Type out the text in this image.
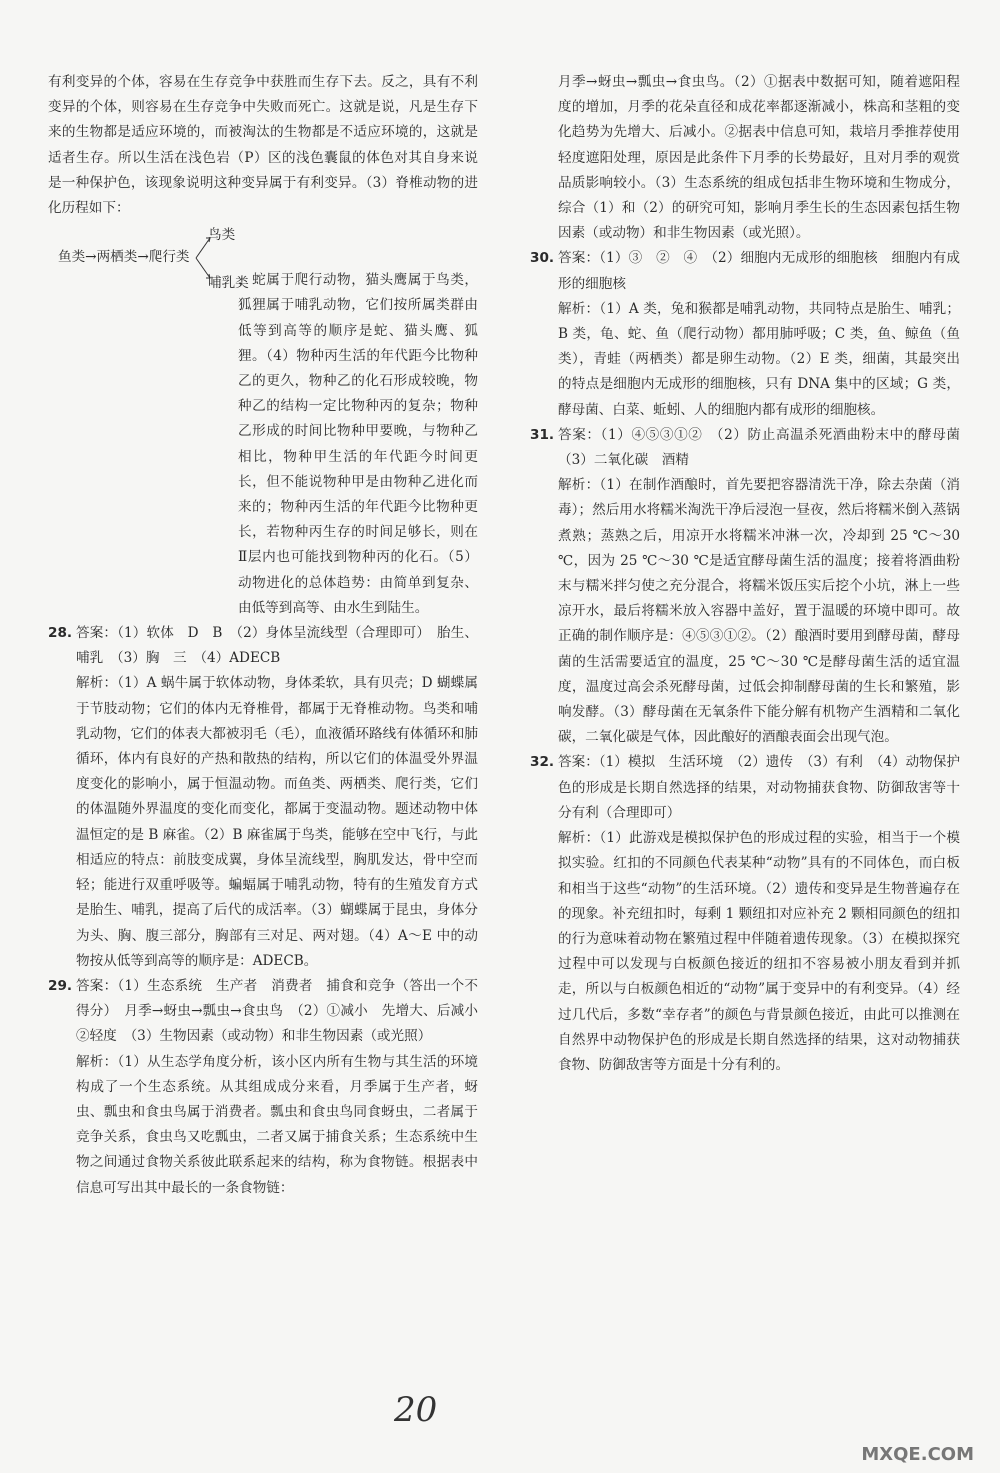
有利变异的个体，容易在生存竞争中获胜而生存下去。反之，具有不利变异的个体，则容易在生存竞争中失败而死亡。这就是说，凡是生存下来的生物都是适应环境的，而被淘汰的生物都是不适应环境的，这就是适者生存。所以生活在浅色岩（P）区的浅色囊鼠的体色对其自身来说是一种保护色，该现象说明这种变异属于有利变异。（3）脊椎动物的进化历程如下：

鱼类→两栖类→爬行类
鸟类
哺乳类

，蛇属于爬行动物，猫头鹰属于鸟类，狐狸属于哺乳动物，它们按所属类群由低等到高等的顺序是蛇、猫头鹰、狐狸。（4）物种丙生活的年代距今比物种乙的更久，物种乙的化石形成较晚，物种乙的结构一定比物种丙的复杂；物种乙形成的时间比物种甲要晚，与物种乙相比，物种甲生活的年代距今时间更长，但不能说物种甲是由物种乙进化而来的；物种丙生活的年代距今比物种更长，若物种丙生存的时间足够长，则在Ⅱ层内也可能找到物种丙的化石。（5）动物进化的总体趋势：由简单到复杂、由低等到高等、由水生到陆生。

28. 答案：（1）软体　D　B　（2）身体呈流线型（合理即可）　胎生、哺乳　（3）胸　三　（4）ADECB

解析：（1）A 蜗牛属于软体动物，身体柔软，具有贝壳；D 蝴蝶属于节肢动物；它们的体内无脊椎骨，都属于无脊椎动物。鸟类和哺乳动物，它们的体表大都被羽毛（毛），血液循环路线有体循环和肺循环，体内有良好的产热和散热的结构，所以它们的体温受外界温度变化的影响小，属于恒温动物。而鱼类、两栖类、爬行类，它们的体温随外界温度的变化而变化，都属于变温动物。题述动物中体温恒定的是 B 麻雀。（2）B 麻雀属于鸟类，能够在空中飞行，与此相适应的特点：前肢变成翼，身体呈流线型，胸肌发达，骨中空而轻；能进行双重呼吸等。蝙蝠属于哺乳动物，特有的生殖发育方式是胎生、哺乳，提高了后代的成活率。（3）蝴蝶属于昆虫，身体分为头、胸、腹三部分，胸部有三对足、两对翅。（4）A～E 中的动物按从低等到高等的顺序是：ADECB。

29. 答案：（1）生态系统　生产者　消费者　捕食和竞争（答出一个不得分）　月季→蚜虫→瓢虫→食虫鸟　（2）①减小　先增大、后减小　②轻度　（3）生物因素（或动物）和非生物因素（或光照）

解析：（1）从生态学角度分析，该小区内所有生物与其生活的环境构成了一个生态系统。从其组成成分来看，月季属于生产者，蚜虫、瓢虫和食虫鸟属于消费者。瓢虫和食虫鸟同食蚜虫，二者属于竞争关系，食虫鸟又吃瓢虫，二者又属于捕食关系；生态系统中生物之间通过食物关系彼此联系起来的结构，称为食物链。根据表中信息可写出其中最长的一条食物链：

月季→蚜虫→瓢虫→食虫鸟。（2）①据表中数据可知，随着遮阳程度的增加，月季的花朵直径和成花率都逐渐减小，株高和茎粗的变化趋势为先增大、后减小。②据表中信息可知，栽培月季推荐使用轻度遮阳处理，原因是此条件下月季的长势最好，且对月季的观赏品质影响较小。（3）生态系统的组成包括非生物环境和生物成分，综合（1）和（2）的研究可知，影响月季生长的生态因素包括生物因素（或动物）和非生物因素（或光照）。

30. 答案：（1）③　②　④　（2）细胞内无成形的细胞核　细胞内有成形的细胞核

解析：（1）A 类，兔和猴都是哺乳动物，共同特点是胎生、哺乳；B 类，龟、蛇、鱼（爬行动物）都用肺呼吸；C 类，鱼、鲸鱼（鱼类），青蛙（两栖类）都是卵生动物。（2）E 类，细菌，其最突出的特点是细胞内无成形的细胞核，只有 DNA 集中的区域；G 类，酵母菌、白菜、蚯蚓、人的细胞内都有成形的细胞核。

31. 答案：（1）④⑤③①②　（2）防止高温杀死酒曲粉末中的酵母菌　（3）二氧化碳　酒精

解析：（1）在制作酒酿时，首先要把容器清洗干净，除去杂菌（消毒）；然后用水将糯米淘洗干净后浸泡一昼夜，然后将糯米倒入蒸锅煮熟；蒸熟之后，用凉开水将糯米冲淋一次，冷却到 25 ℃～30 ℃，因为 25 ℃～30 ℃是适宜酵母菌生活的温度；接着将酒曲粉末与糯米拌匀使之充分混合，将糯米饭压实后挖个小坑，淋上一些凉开水，最后将糯米放入容器中盖好，置于温暖的环境中即可。故正确的制作顺序是：④⑤③①②。（2）酿酒时要用到酵母菌，酵母菌的生活需要适宜的温度，25 ℃～30 ℃是酵母菌生活的适宜温度，温度过高会杀死酵母菌，过低会抑制酵母菌的生长和繁殖，影响发酵。（3）酵母菌在无氧条件下能分解有机物产生酒精和二氧化碳，二氧化碳是气体，因此酿好的酒酿表面会出现气泡。

32. 答案：（1）模拟　生活环境　（2）遗传　（3）有利　（4）动物保护色的形成是长期自然选择的结果，对动物捕获食物、防御敌害等十分有利（合理即可）

解析：（1）此游戏是模拟保护色的形成过程的实验，相当于一个模拟实验。红扣的不同颜色代表某种“动物”具有的不同体色，而白板和相当于这些“动物”的生活环境。（2）遗传和变异是生物普遍存在的现象。补充纽扣时，每剩 1 颗纽扣对应补充 2 颗相同颜色的纽扣的行为意味着动物在繁殖过程中伴随着遗传现象。（3）在模拟探究过程中可以发现与白板颜色接近的纽扣不容易被小朋友看到并抓走，所以与白板颜色相近的“动物”属于变异中的有利变异。（4）经过几代后，多数“幸存者”的颜色与背景颜色接近，由此可以推测在自然界中动物保护色的形成是长期自然选择的结果，这对动物捕获食物、防御敌害等方面是十分有利的。

20
MXQE.COM
